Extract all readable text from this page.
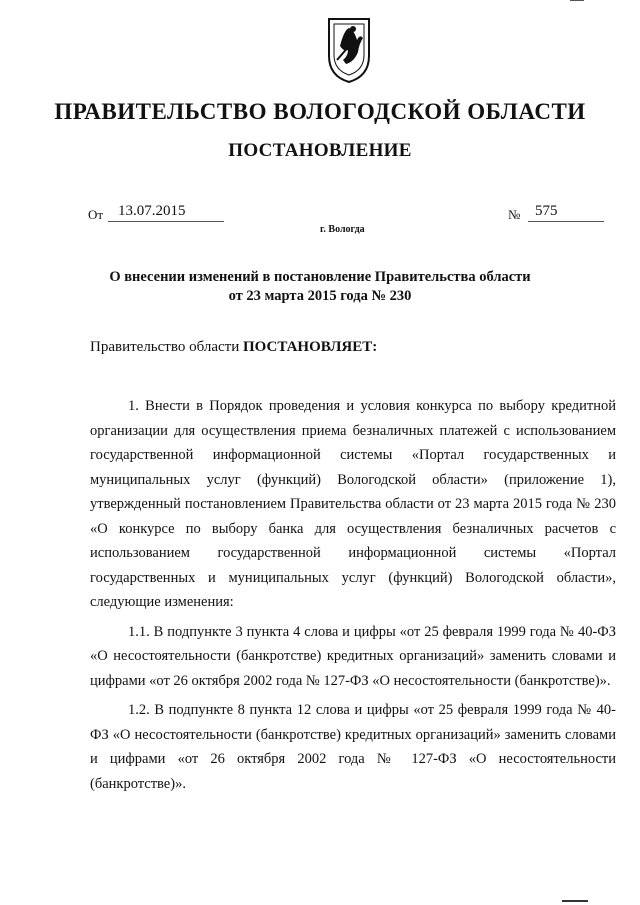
ПРАВИТЕЛЬСТВО ВОЛОГОДСКОЙ ОБЛАСТИ
ПОСТАНОВЛЕНИЕ
От 13.07.2015	№ 575
г. Вологда
О внесении изменений в постановление Правительства области
от 23 марта 2015 года № 230
Правительство области ПОСТАНОВЛЯЕТ:

1. Внести в Порядок проведения и условия конкурса по выбору кредитной организации для осуществления приема безналичных платежей с использованием государственной информационной системы «Портал государственных и муниципальных услуг (функций) Вологодской области» (приложение 1), утвержденный постановлением Правительства области от 23 марта 2015 года № 230 «О конкурсе по выбору банка для осуществления безналичных расчетов с использованием государственной информационной системы «Портал государственных и муниципальных услуг (функций) Вологодской области», следующие изменения:

1.1. В подпункте 3 пункта 4 слова и цифры «от 25 февраля 1999 года № 40-ФЗ «О несостоятельности (банкротстве) кредитных организаций» заменить словами и цифрами «от 26 октября 2002 года № 127-ФЗ «О несостоятельности (банкротстве)».

1.2. В подпункте 8 пункта 12 слова и цифры «от 25 февраля 1999 года № 40-ФЗ «О несостоятельности (банкротстве) кредитных организаций» заменить словами и цифрами «от 26 октября 2002 года № 127-ФЗ «О несостоятельности (банкротстве)».
